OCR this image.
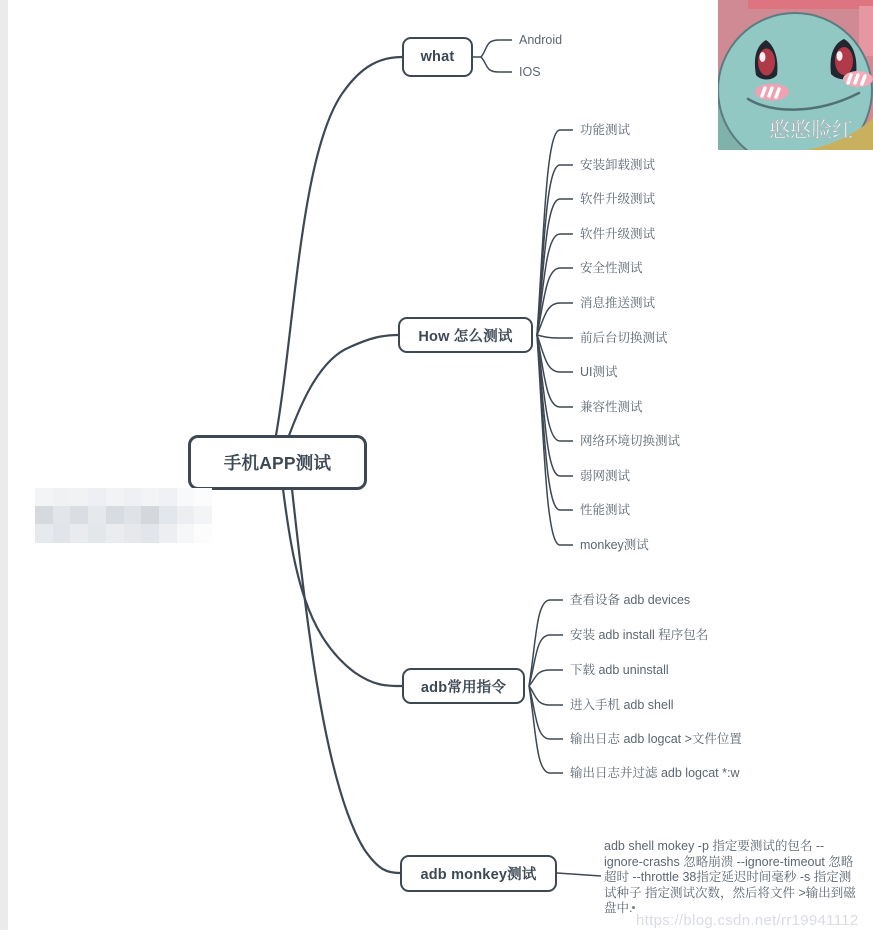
手机APP测试
what
How 怎么测试
adb常用指令
adb monkey测试
Android
IOS
功能测试
安装卸载测试
软件升级测试
软件升级测试
安全性测试
消息推送测试
前后台切换测试
UI测试
兼容性测试
网络环境切换测试
弱网测试
性能测试
monkey测试
查看设备 adb devices
安装 adb install 程序包名
下载 adb uninstall
进入手机 adb shell
输出日志 adb logcat >文件位置
输出日志并过滤 adb logcat *:w
adb shell mokey -p 指定要测试的包名 --ignore-crashs 忽略崩溃 --ignore-timeout 忽略超时 --throttle 38指定延迟时间毫秒 -s 指定测试种子 指定测试次数，然后将文件 >输出到磁盘中.
憨憨脸红
https://blog.csdn.net/rr19941112
